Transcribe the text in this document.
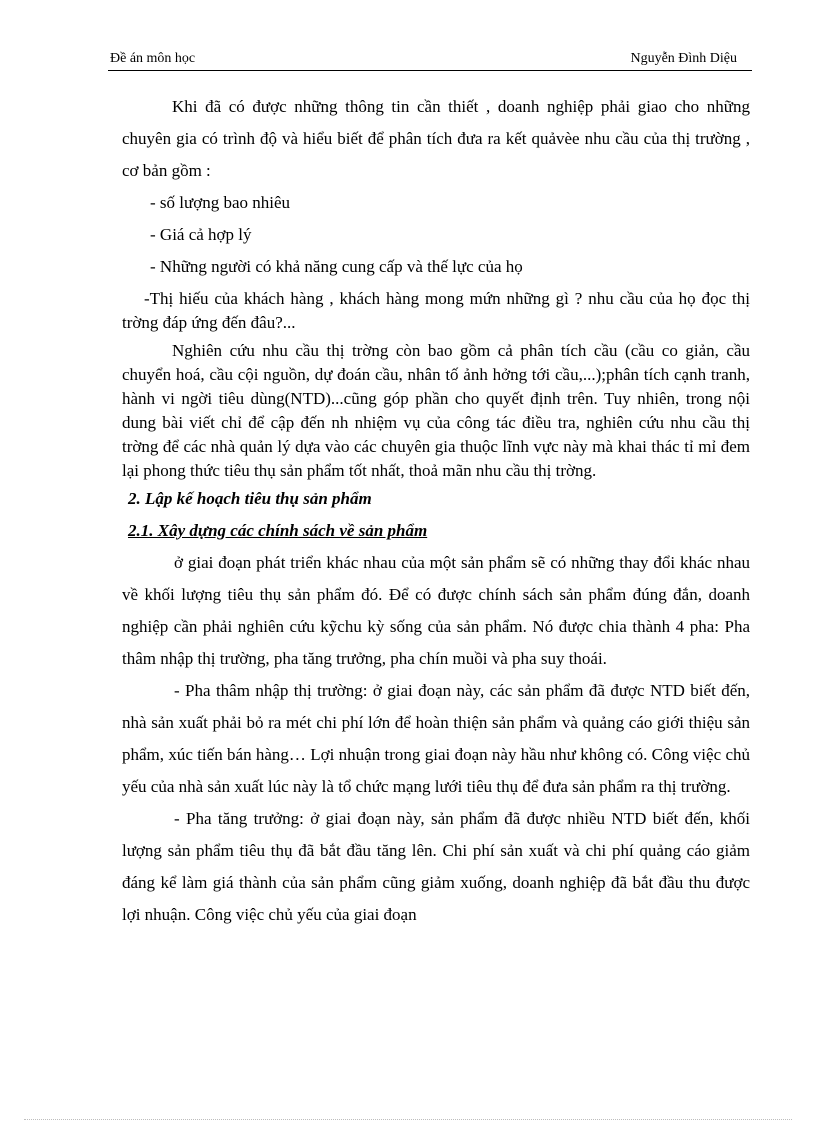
Đề án môn học	Nguyễn Đình Diệu

Khi đã có được những thông tin cần thiết , doanh nghiệp phải giao cho những chuyên gia có trình độ và hiểu biết để phân tích đưa ra kết quảvèe nhu cầu của thị trường , cơ bản gồm :

- số lượng bao nhiêu

- Giá cả hợp lý

- Những người có khả năng cung cấp và thế lực của họ

-Thị hiếu của khách hàng , khách hàng mong mứn những gì ? nhu cầu của họ đọc thị trờng đáp ứng đến đâu?...

Nghiên cứu nhu cầu thị trờng còn bao gồm cả phân tích cầu (cầu co giản, cầu chuyển hoá, cầu cội nguồn, dự đoán cầu, nhân tố ảnh hởng tới cầu,...);phân tích cạnh tranh, hành vi ngời tiêu dùng(NTD)...cũng góp phần cho quyết định trên. Tuy nhiên, trong nội dung bài viết chỉ để cập đến nh nhiệm vụ của công tác điều tra, nghiên cứu nhu cầu thị trờng để các nhà quản lý dựa vào các chuyên gia thuộc lĩnh vực này mà khai thác tỉ mỉ đem lại phong thức tiêu thụ sản phẩm tốt nhất, thoả mãn nhu cầu thị trờng.

2. Lập kế hoạch tiêu thụ sản phẩm

2.1. Xây dựng các chính sách về sản phẩm

ở giai đoạn phát triển khác nhau của một sản phẩm sẽ có những thay đổi khác nhau về khối lượng tiêu thụ sản phẩm đó. Để có được chính sách sản phẩm đúng đắn, doanh nghiệp cần phải nghiên cứu kỹchu kỳ sống của sản phẩm. Nó được chia thành 4 pha: Pha thâm nhập thị trường, pha tăng trưởng, pha chín muồi và pha suy thoái.

- Pha thâm nhập thị trường: ở giai đoạn này, các sản phẩm đã được NTD biết đến, nhà sản xuất phải bỏ ra mét chi phí lớn để hoàn thiện sản phẩm và quảng cáo giới thiệu sản phẩm, xúc tiến bán hàng… Lợi nhuận trong giai đoạn này hầu như không có. Công việc chủ yếu của nhà sản xuất lúc này là tổ chức mạng lưới tiêu thụ để đưa sản phẩm ra thị trường.

- Pha tăng trưởng: ở giai đoạn này, sản phẩm đã được nhiều NTD biết đến, khối lượng sản phẩm tiêu thụ đã bắt đầu tăng lên. Chi phí sản xuất và chi phí quảng cáo giảm đáng kể làm giá thành của sản phẩm cũng giảm xuống, doanh nghiệp đã bắt đầu thu được lợi nhuận. Công việc chủ yếu của giai đoạn
